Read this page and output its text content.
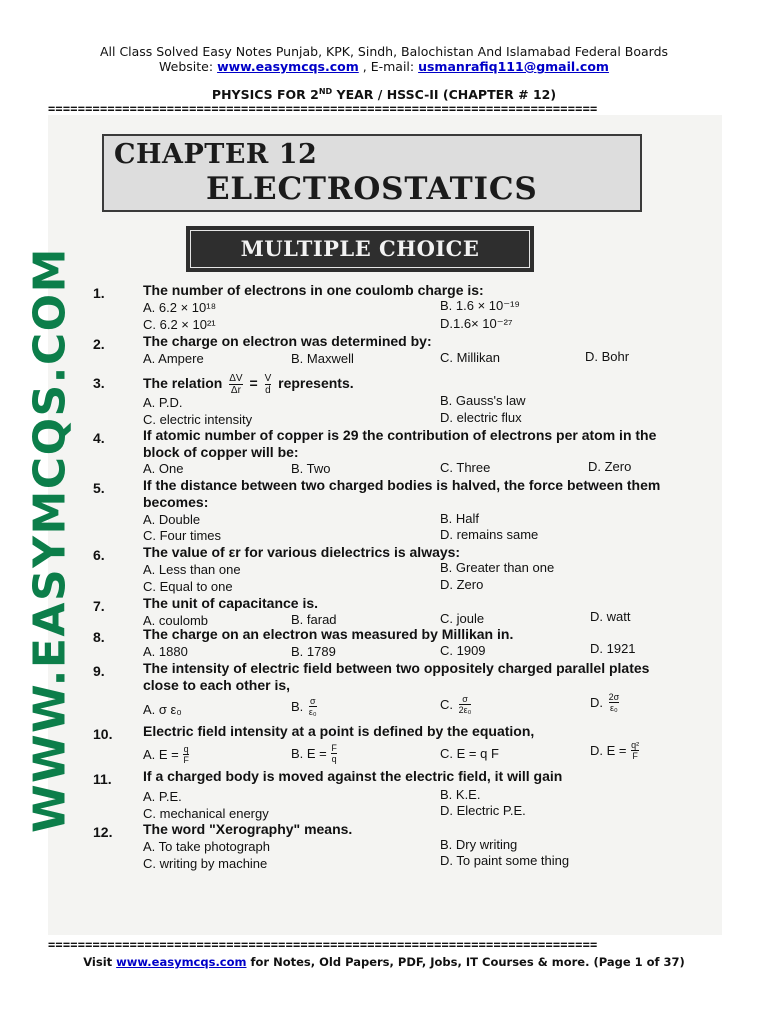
All Class Solved Easy Notes Punjab, KPK, Sindh, Balochistan And Islamabad Federal Boards
Website: www.easymcqs.com , E-mail: usmanrafiq111@gmail.com
PHYSICS FOR 2ND YEAR / HSSC-II (CHAPTER # 12)
==========================================================================
CHAPTER 12
ELECTROSTATICS
MULTIPLE CHOICE
WWW.EASYMCQS.COM 1.	The number of electrons in one coulomb charge is:
A. 6.2 × 10¹⁸	B. 1.6 × 10⁻¹⁹
C. 6.2 × 10²¹	D.1.6× 10⁻²⁷
2.	The charge on electron was determined by:
A. Ampere	B. Maxwell	C. Millikan	D. Bohr
3.	The relation $\frac{\Delta V}{\Delta r} = \frac{V}{d}$ represents.
A. P.D.	B. Gauss's law
C. electric intensity	D. electric flux
4.	If atomic number of copper is 29 the contribution of electrons per atom in the block of copper will be:
A. One	B. Two	C. Three	D. Zero
5.	If the distance between two charged bodies is halved, the force between them becomes:
A. Double	B. Half
C. Four times	D. remains same
6.	The value of εr for various dielectrics is always:
A. Less than one	B. Greater than one
C. Equal to one	D. Zero
7.	The unit of capacitance is.
A. coulomb	B. farad	C. joule	D. watt
8.	The charge on an electron was measured by Millikan in.
A. 1880	B. 1789	C. 1909	D. 1921
9.	The intensity of electric field between two oppositely charged parallel plates close to each other is,
A. σ ε₀	B. $\frac{\sigma}{\text{ε₀}}$	C. $\frac{\sigma}{\text{2ε₀}}$	D. $\frac{2\sigma}{\text{ε₀}}$
10. Electric field intensity at a point is defined by the equation,
A. $E = \frac{q}{F}$	B. $E = \frac{F}{q}$	C. E = q F	D. $E = \frac{\text{q²}}{F}$
11. If a charged body is moved against the electric field, it will gain
A. P.E.	B. K.E.
C. mechanical energy	D. Electric P.E.
12. The word "Xerography" means.
A. To take photograph	B. Dry writing
C. writing by machine	D. To paint some thing
==========================================================================
Visit www.easymcqs.com for Notes, Old Papers, PDF, Jobs, IT Courses & more. (Page 1 of 37)
